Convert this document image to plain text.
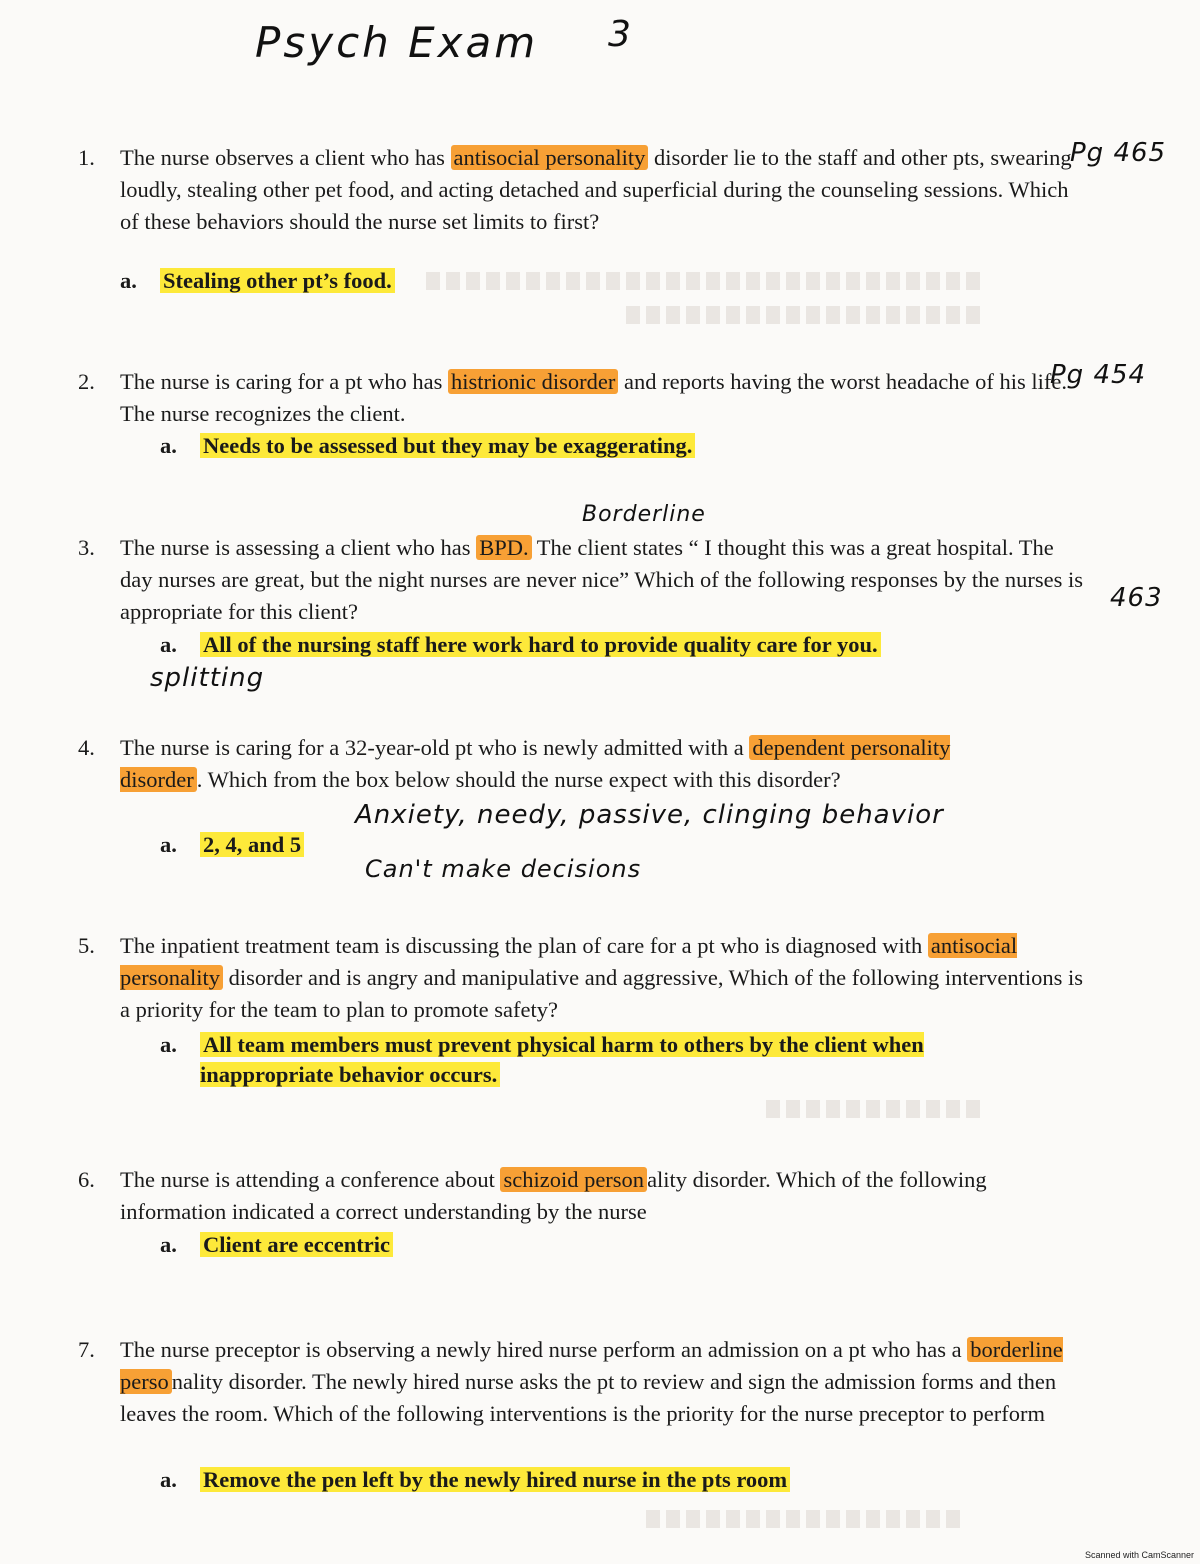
Psych Exam 3
Pg 465
Pg 454
463
1.	The nurse observes a client who has antisocial personality disorder lie to the staff and other pts, swearing loudly, stealing other pet food, and acting detached and superficial during the counseling sessions. Which of these behaviors should the nurse set limits to first?
a. Stealing other pt’s food.
2.	The nurse is caring for a pt who has histrionic disorder and reports having the worst headache of his life. The nurse recognizes the client.
a. Needs to be assessed but they may be exaggerating.
Borderline
3.	The nurse is assessing a client who has BPD. The client states “ I thought this was a great hospital. The day nurses are great, but the night nurses are never nice” Which of the following responses by the nurses is appropriate for this client?
a. All of the nursing staff here work hard to provide quality care for you.
splitting
4.	The nurse is caring for a 32-year-old pt who is newly admitted with a dependent personality disorder . Which from the box below should the nurse expect with this disorder?
a. 2, 4, and 5
Anxiety, needy, passive, clinging behavior
Can't make decisions
5.	The inpatient treatment team is discussing the plan of care for a pt who is diagnosed with antisocial personality disorder and is angry and manipulative and aggressive, Which of the following interventions is a priority for the team to plan to promote safety?
a.	All team members must prevent physical harm to others by the client when inappropriate behavior occurs.
6.	The nurse is attending a conference about schizoid person ality disorder. Which of the following information indicated a correct understanding by the nurse
a. Client are eccentric
7.	The nurse preceptor is observing a newly hired nurse perform an admission on a pt who has a borderline perso nality disorder. The newly hired nurse asks the pt to review and sign the admission forms and then leaves the room. Which of the following interventions is the priority for the nurse preceptor to perform
a. Remove the pen left by the newly hired nurse in the pts room
Scanned with CamScanner
